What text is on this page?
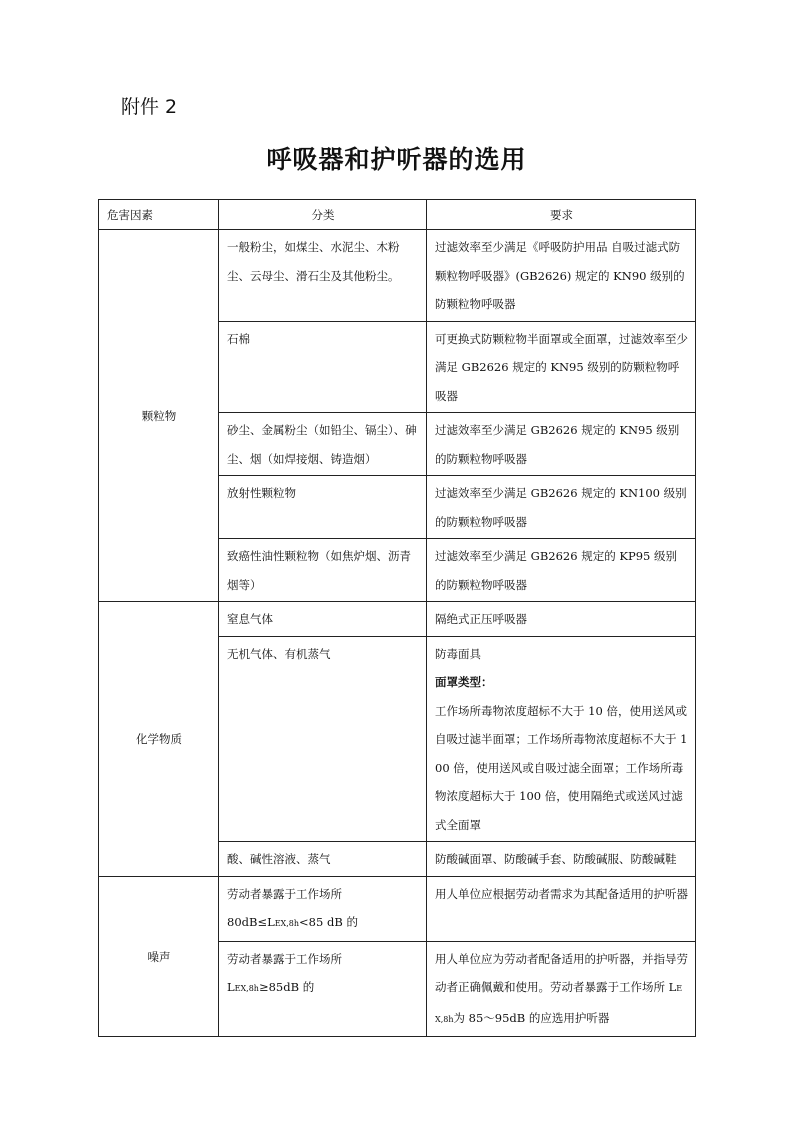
附件 2
呼吸器和护听器的选用
危害因素	分类	要求
颗粒物	一般粉尘，如煤尘、水泥尘、木粉尘、云母尘、滑石尘及其他粉尘。	过滤效率至少满足《呼吸防护用品 自吸过滤式防颗粒物呼吸器》(GB2626) 规定的 KN90 级别的防颗粒物呼吸器
	石棉	可更换式防颗粒物半面罩或全面罩，过滤效率至少满足 GB2626 规定的 KN95 级别的防颗粒物呼吸器
	砂尘、金属粉尘（如铅尘、镉尘）、砷尘、烟（如焊接烟、铸造烟）	过滤效率至少满足 GB2626 规定的 KN95 级别的防颗粒物呼吸器
	放射性颗粒物	过滤效率至少满足 GB2626 规定的 KN100 级别的防颗粒物呼吸器
	致癌性油性颗粒物（如焦炉烟、沥青烟等）	过滤效率至少满足 GB2626 规定的 KP95 级别的防颗粒物呼吸器
化学物质	窒息气体	隔绝式正压呼吸器
	无机气体、有机蒸气	防毒面具
面罩类型：
工作场所毒物浓度超标不大于 10 倍，使用送风或自吸过滤半面罩；工作场所毒物浓度超标不大于 100 倍，使用送风或自吸过滤全面罩；工作场所毒物浓度超标大于 100 倍，使用隔绝式或送风过滤式全面罩

	酸、碱性溶液、蒸气	防酸碱面罩、防酸碱手套、防酸碱服、防酸碱鞋
噪声	劳动者暴露于工作场所
80dB≤LEX,8h<85 dB 的	用人单位应根据劳动者需求为其配备适用的护听器

	劳动者暴露于工作场所
LEX,8h≥85dB 的	用人单位应为劳动者配备适用的护听器，并指导劳动者正确佩戴和使用。劳动者暴露于工作场所 LEX,8h为 85～95dB 的应选用护听器
